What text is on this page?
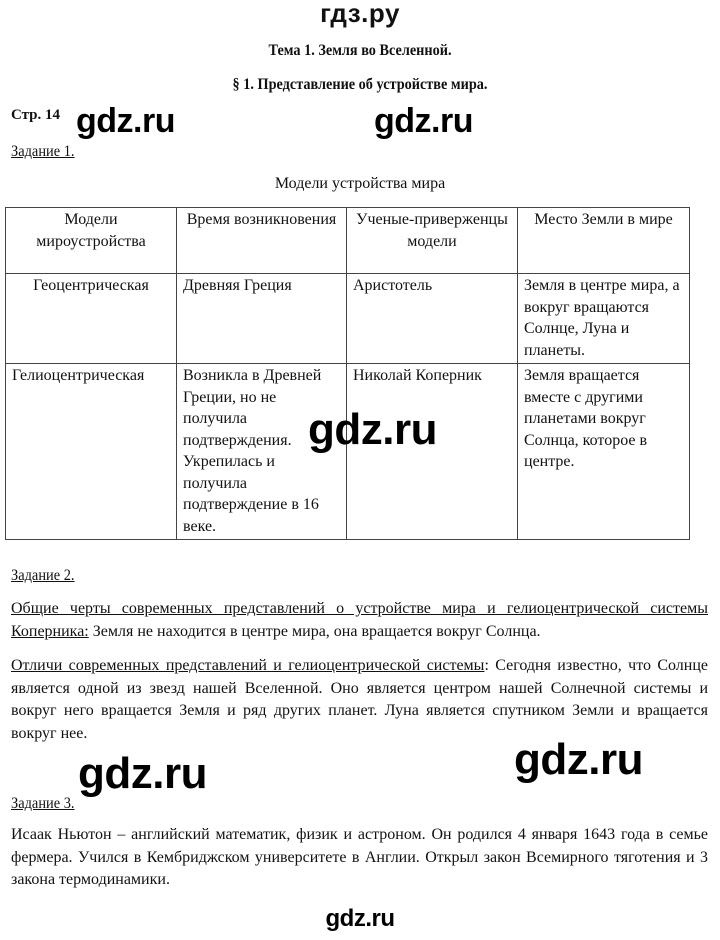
гдз.ру
Тема 1. Земля во Вселенной.
§ 1. Представление об устройстве мира.
Стр. 14 gdz.ru	gdz.ru
Задание 1.
Модели устройства мира
Модели мироустройства	Время возникновения	Ученые-приверженцы модели	Место Земли в мире
Геоцентрическая	Древняя Греция	Аристотель	Земля в центре мира, а вокруг вращаются Солнце, Луна и планеты.
Гелиоцентрическая	Возникла в Древней Греции, но не получила подтверждения. Укрепилась и получила подтверждение в 16 веке.	Николай Коперник	Земля вращается вместе с другими планетами вокруг Солнца, которое в центре.
gdz.ru
Задание 2.
Общие черты современных представлений о устройстве мира и гелиоцентрической системы Коперника: Земля не находится в центре мира, она вращается вокруг Солнца.
Отличи современных представлений и гелиоцентрической системы: Сегодня известно, что Солнце является одной из звезд нашей Вселенной. Оно является центром нашей Солнечной системы и вокруг него вращается Земля и ряд других планет. Луна является спутником Земли и вращается вокруг нее.
gdz.ru	gdz.ru
Задание 3.
Исаак Ньютон – английский математик, физик и астроном. Он родился 4 января 1643 года в семье фермера. Учился в Кембриджском университете в Англии. Открыл закон Всемирного тяготения и 3 закона термодинамики.
gdz.ru
